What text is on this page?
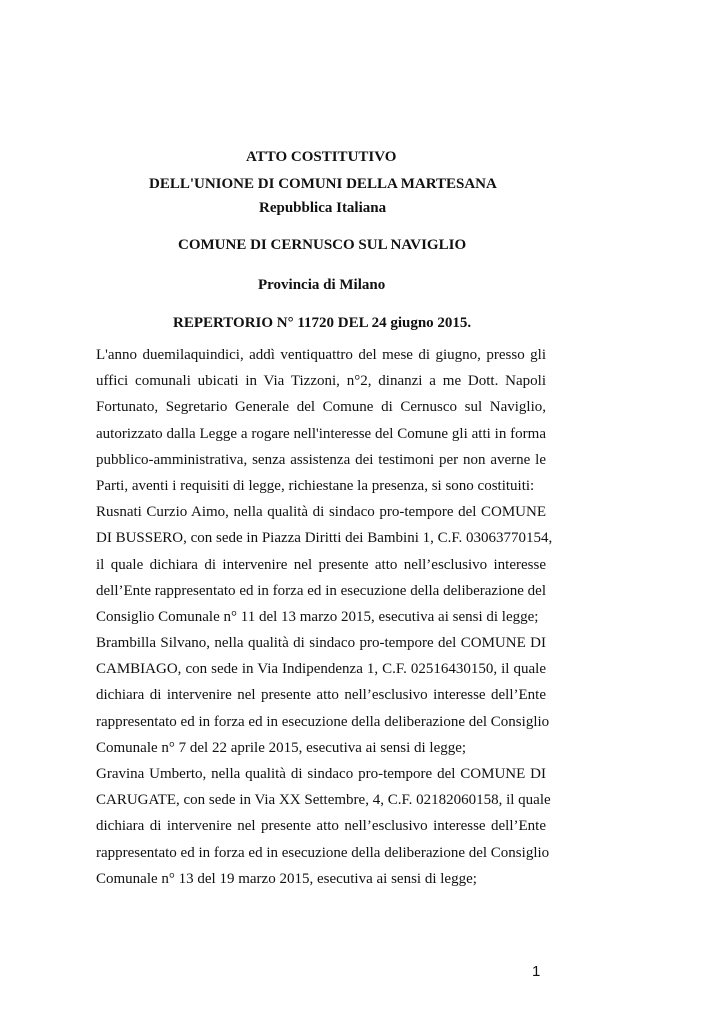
ATTO COSTITUTIVO
DELL'UNIONE DI COMUNI DELLA MARTESANA
Repubblica Italiana
COMUNE DI CERNUSCO SUL NAVIGLIO
Provincia di Milano
REPERTORIO N° 11720 DEL 24 giugno 2015.
L'anno duemilaquindici, addì ventiquattro del mese di giugno, presso gli
uffici comunali ubicati in Via Tizzoni, n°2, dinanzi a me Dott. Napoli
Fortunato, Segretario Generale del Comune di Cernusco sul Naviglio,
autorizzato dalla Legge a rogare nell'interesse del Comune gli atti in forma
pubblico-amministrativa, senza assistenza dei testimoni per non averne le
Parti, aventi i requisiti di legge, richiestane la presenza, si sono costituiti:
Rusnati Curzio Aimo, nella qualità di sindaco pro-tempore del COMUNE
DI BUSSERO, con sede in Piazza Diritti dei Bambini 1, C.F. 03063770154,
il quale dichiara di intervenire nel presente atto nell’esclusivo interesse
dell’Ente rappresentato ed in forza ed in esecuzione della deliberazione del
Consiglio Comunale n° 11 del 13 marzo 2015, esecutiva ai sensi di legge;
Brambilla Silvano, nella qualità di sindaco pro-tempore del COMUNE DI
CAMBIAGO, con sede in Via Indipendenza 1, C.F. 02516430150, il quale
dichiara di intervenire nel presente atto nell’esclusivo interesse dell’Ente
rappresentato ed in forza ed in esecuzione della deliberazione del Consiglio
Comunale n° 7 del 22 aprile 2015, esecutiva ai sensi di legge;
Gravina Umberto, nella qualità di sindaco pro-tempore del COMUNE DI
CARUGATE, con sede in Via XX Settembre, 4, C.F. 02182060158, il quale
dichiara di intervenire nel presente atto nell’esclusivo interesse dell’Ente
rappresentato ed in forza ed in esecuzione della deliberazione del Consiglio
Comunale n° 13 del 19 marzo 2015, esecutiva ai sensi di legge;
1
